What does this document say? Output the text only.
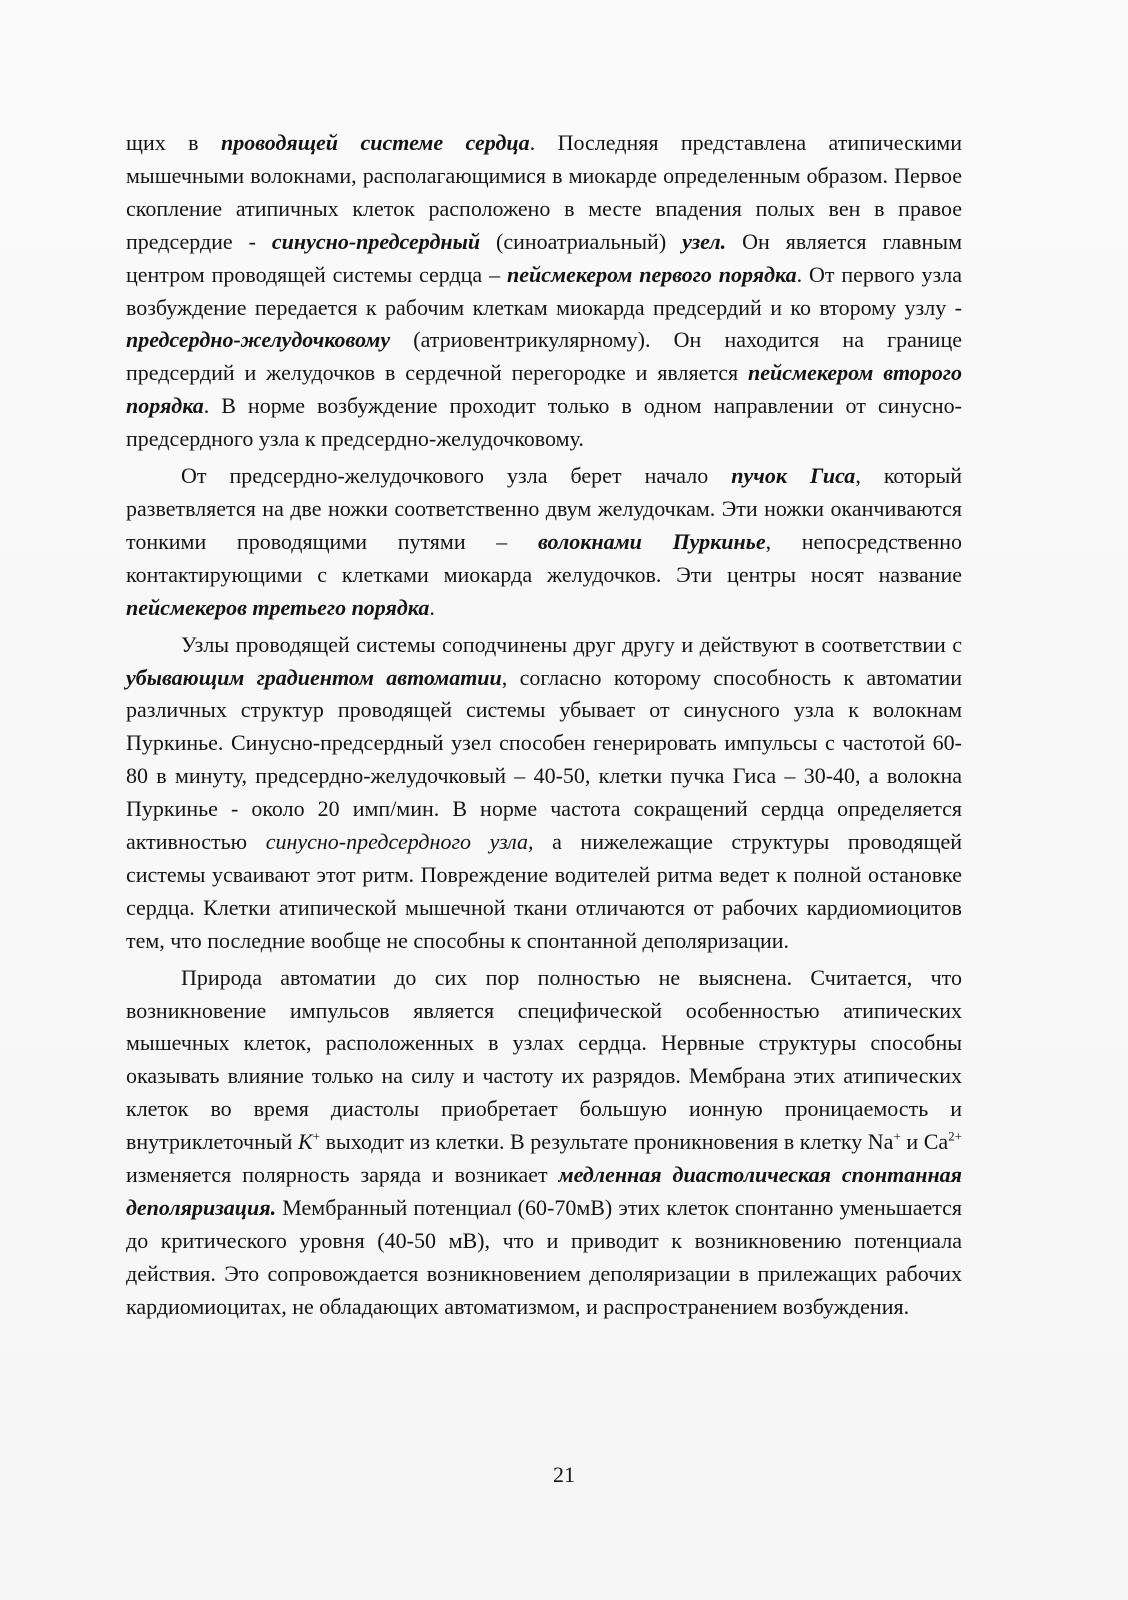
щих в проводящей системе сердца. Последняя представлена атипическими мышечными волокнами, располагающимися в миокарде определенным образом. Первое скопление атипичных клеток расположено в месте впадения полых вен в правое предсердие - синусно-предсердный (синоатриальный) узел. Он является главным центром проводящей системы сердца – пейсмекером первого порядка. От первого узла возбуждение передается к рабочим клеткам миокарда предсердий и ко второму узлу - предсердно-желудочковому (атриовентрикулярному). Он находится на границе предсердий и желудочков в сердечной перегородке и является пейсмекером второго порядка. В норме возбуждение проходит только в одном направлении от синусно-предсердного узла к предсердно-желудочковому.

От предсердно-желудочкового узла берет начало пучок Гиса, который разветвляется на две ножки соответственно двум желудочкам. Эти ножки оканчиваются тонкими проводящими путями – волокнами Пуркинье, непосредственно контактирующими с клетками миокарда желудочков. Эти центры носят название пейсмекеров третьего порядка.

Узлы проводящей системы соподчинены друг другу и действуют в соответствии с убывающим градиентом автоматии, согласно которому способность к автоматии различных структур проводящей системы убывает от синусного узла к волокнам Пуркинье. Синусно-предсердный узел способен генерировать импульсы с частотой 60-80 в минуту, предсердно-желудочковый – 40-50, клетки пучка Гиса – 30-40, а волокна Пуркинье - около 20 имп/мин. В норме частота сокращений сердца определяется активностью синусно-предсердного узла, а нижележащие структуры проводящей системы усваивают этот ритм. Повреждение водителей ритма ведет к полной остановке сердца. Клетки атипической мышечной ткани отличаются от рабочих кардиомиоцитов тем, что последние вообще не способны к спонтанной деполяризации.

Природа автоматии до сих пор полностью не выяснена. Считается, что возникновение импульсов является специфической особенностью атипических мышечных клеток, расположенных в узлах сердца. Нервные структуры способны оказывать влияние только на силу и частоту их разрядов. Мембрана этих атипических клеток во время диастолы приобретает большую ионную проницаемость и внутриклеточный K+ выходит из клетки. В результате проникновения в клетку Na+ и $Ca^{2+}$ изменяется полярность заряда и возникает медленная диастолическая спонтанная деполяризация. Мембранный потенциал (60-70мВ) этих клеток спонтанно уменьшается до критического уровня (40-50 мВ), что и приводит к возникновению потенциала действия. Это сопровождается возникновением деполяризации в прилежащих рабочих кардиомиоцитах, не обладающих автоматизмом, и распространением возбуждения.

21
